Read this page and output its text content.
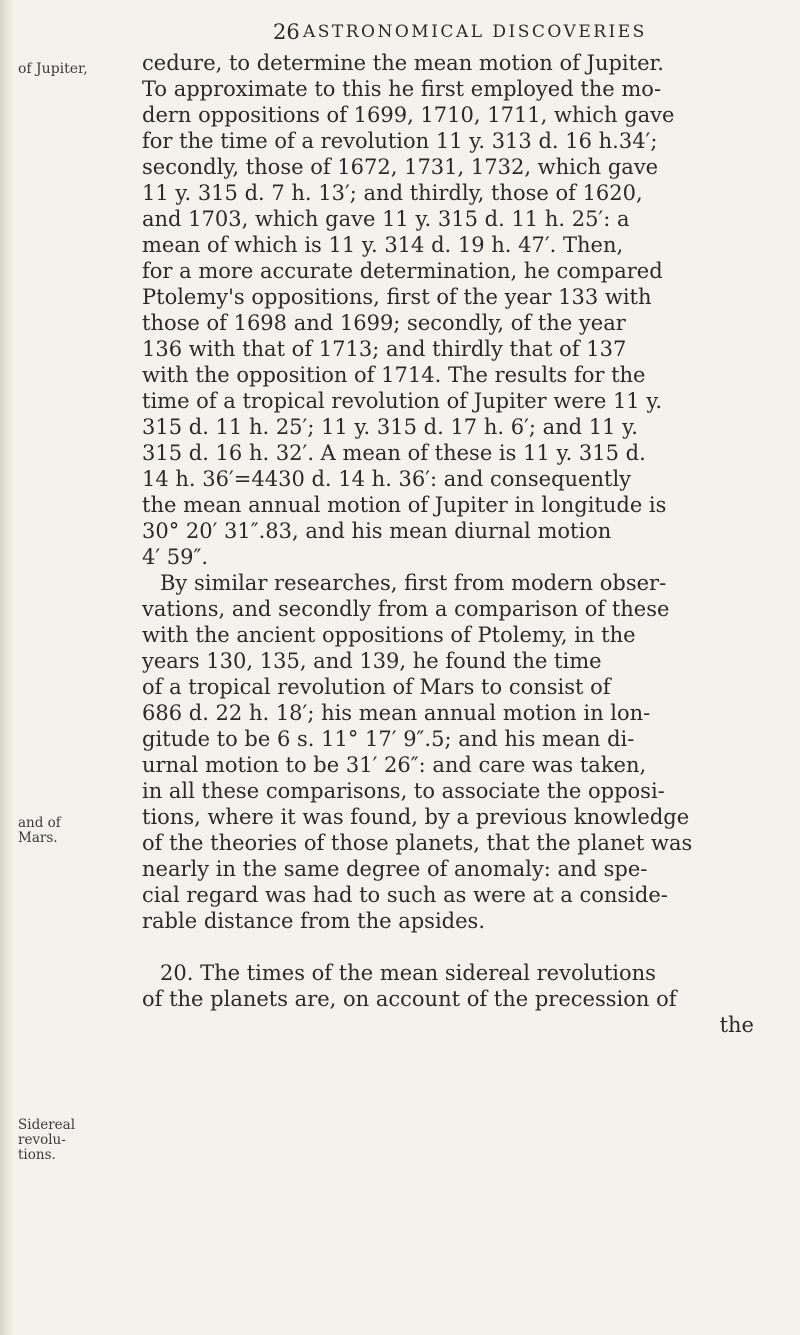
26 ASTRONOMICAL DISCOVERIES
of Jupiter,
and of Mars.
Sidereal revolu- tions.

cedure, to determine the mean motion of Jupiter.
To approximate to this he first employed the mo-
dern oppositions of 1699, 1710, 1711, which gave
for the time of a revolution 11 y. 313 d. 16 h.34′;
secondly, those of 1672, 1731, 1732, which gave
11 y. 315 d. 7 h. 13′; and thirdly, those of 1620,
and 1703, which gave 11 y. 315 d. 11 h. 25′: a
mean of which is 11 y. 314 d. 19 h. 47′. Then,
for a more accurate determination, he compared
Ptolemy's oppositions, first of the year 133 with
those of 1698 and 1699; secondly, of the year
136 with that of 1713; and thirdly that of 137
with the opposition of 1714. The results for the
time of a tropical revolution of Jupiter were 11 y.
315 d. 11 h. 25′; 11 y. 315 d. 17 h. 6′; and 11 y.
315 d. 16 h. 32′. A mean of these is 11 y. 315 d.
14 h. 36′=4430 d. 14 h. 36′: and consequently
the mean annual motion of Jupiter in longitude is
30° 20′ 31″.83, and his mean diurnal motion
4′ 59″.

By similar researches, first from modern obser-
vations, and secondly from a comparison of these
with the ancient oppositions of Ptolemy, in the
years 130, 135, and 139, he found the time
of a tropical revolution of Mars to consist of
686 d. 22 h. 18′; his mean annual motion in lon-
gitude to be 6 s. 11° 17′ 9″.5; and his mean di-
urnal motion to be 31′ 26″: and care was taken,
in all these comparisons, to associate the opposi-
tions, where it was found, by a previous knowledge
of the theories of those planets, that the planet was
nearly in the same degree of anomaly: and spe-
cial regard was had to such as were at a conside-
rable distance from the apsides.

20. The times of the mean sidereal revolutions
of the planets are, on account of the precession of
the
